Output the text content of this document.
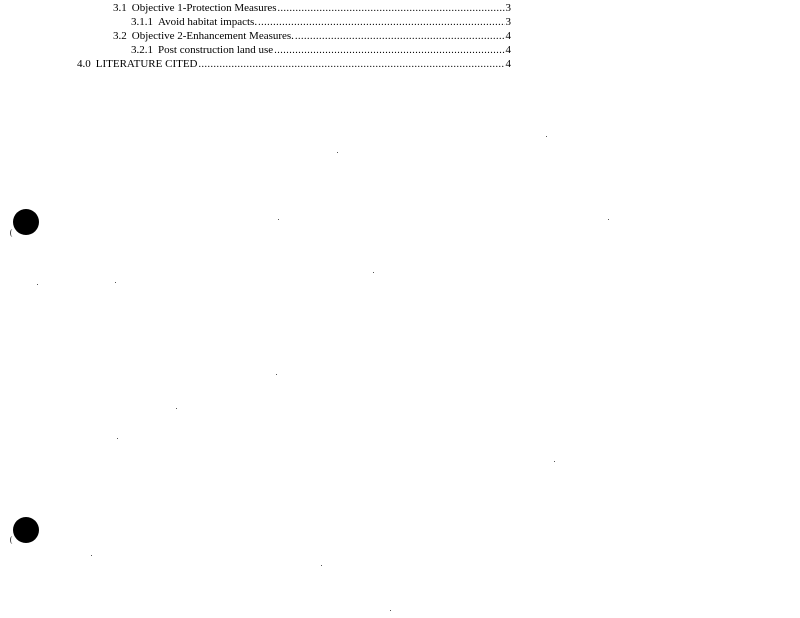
3.1 Objective 1-Protection Measures .....	3
3.1.1 Avoid habitat impacts. .....	3
3.2 Objective 2-Enhancement Measures. .....	4
3.2.1 Post construction land use .....	4
4.0 LITERATURE CITED .....	4
